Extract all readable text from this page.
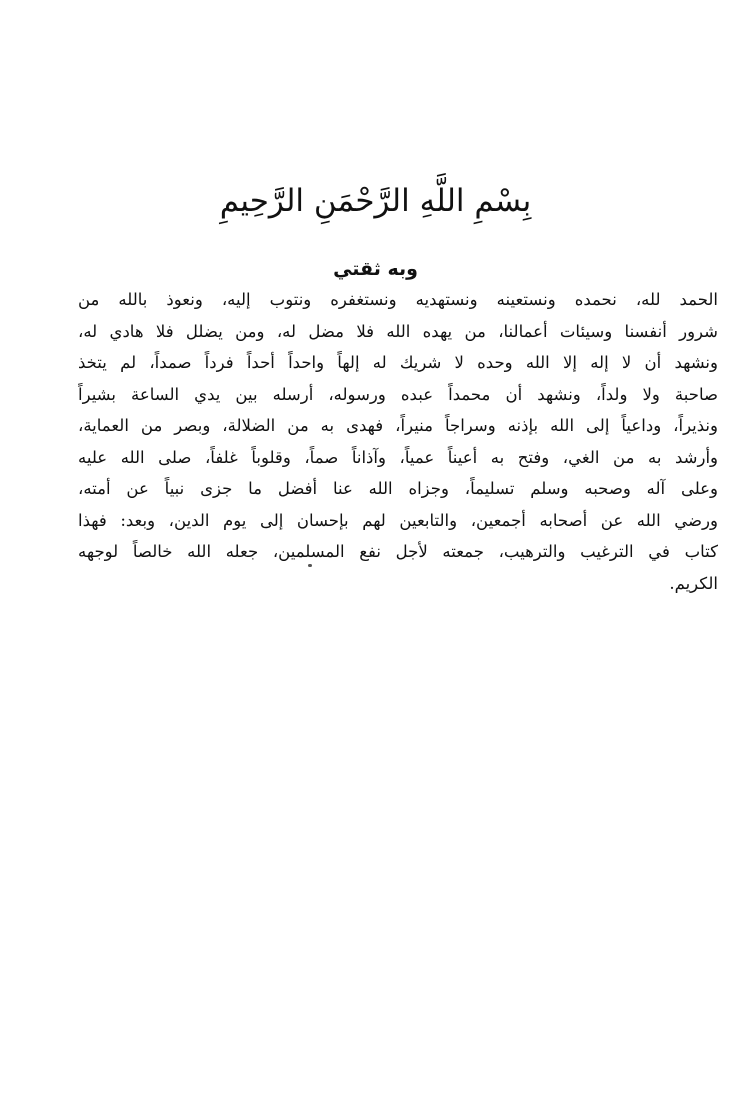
بِسْمِ اللَّهِ الرَّحْمَنِ الرَّحِيمِ
وبه ثقتي
الحمد لله، نحمده ونستعينه ونستهديه ونستغفره ونتوب إليه، ونعوذ بالله من
شرور أنفسنا وسيئات أعمالنا، من يهده الله فلا مضل له، ومن يضلل فلا هادي له،
ونشهد أن لا إله إلا الله وحده لا شريك له إلهاً واحداً أحداً فرداً صمداً، لم يتخذ
صاحبة ولا ولداً، ونشهد أن محمداً عبده ورسوله، أرسله بين يدي الساعة بشيراً
ونذيراً، وداعياً إلى الله بإذنه وسراجاً منيراً، فهدى به من الضلالة، وبصر من العماية،
وأرشد به من الغي، وفتح به أعيناً عمياً، وآذاناً صماً، وقلوباً غلفاً، صلى الله عليه
وعلى آله وصحبه وسلم تسليماً، وجزاه الله عنا أفضل ما جزى نبياً عن أمته،
ورضي الله عن أصحابه أجمعين، والتابعين لهم بإحسان إلى يوم الدين، وبعد: فهذا
كتاب في الترغيب والترهيب، جمعته لأجل نفع المسلمين، جعله الله خالصاً لوجهه
الكريم.
